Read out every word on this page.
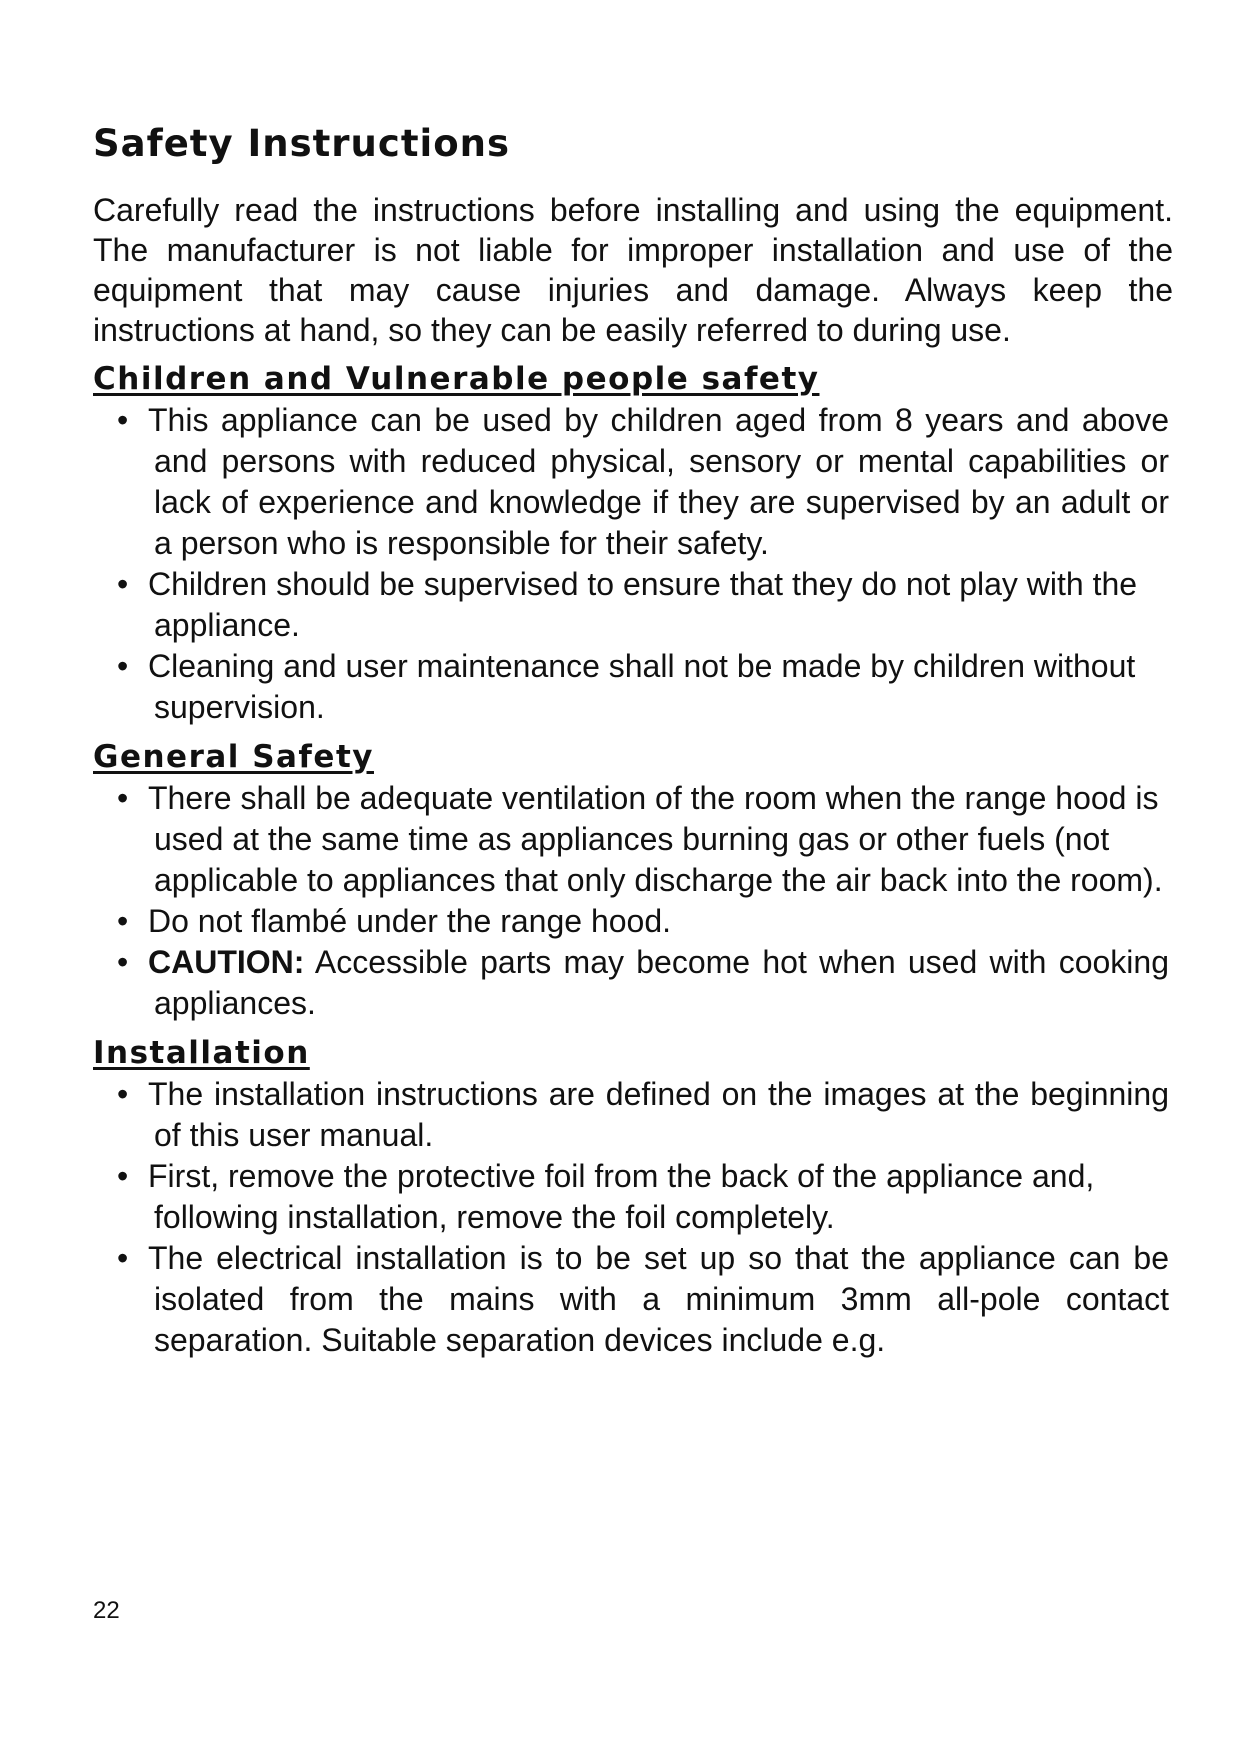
Safety Instructions

Carefully read the instructions before installing and using the equipment. The manufacturer is not liable for improper installation and use of the equipment that may cause injuries and damage. Always keep the instructions at hand, so they can be easily referred to during use.

Children and Vulnerable people safety
• This appliance can be used by children aged from 8 years and above and persons with reduced physical, sensory or mental capabilities or lack of experience and knowledge if they are supervised by an adult or a person who is responsible for their safety.
• Children should be supervised to ensure that they do not play with the appliance.
• Cleaning and user maintenance shall not be made by children without supervision.
General Safety
• There shall be adequate ventilation of the room when the range hood is used at the same time as appliances burning gas or other fuels (not applicable to appliances that only discharge the air back into the room).
• Do not flambé under the range hood.
• CAUTION: Accessible parts may become hot when used with cooking appliances.
Installation
• The installation instructions are defined on the images at the beginning of this user manual.
• First, remove the protective foil from the back of the appliance and, following installation, remove the foil completely.
• The electrical installation is to be set up so that the appliance can be isolated from the mains with a minimum 3mm all-pole contact separation. Suitable separation devices include e.g.
22
